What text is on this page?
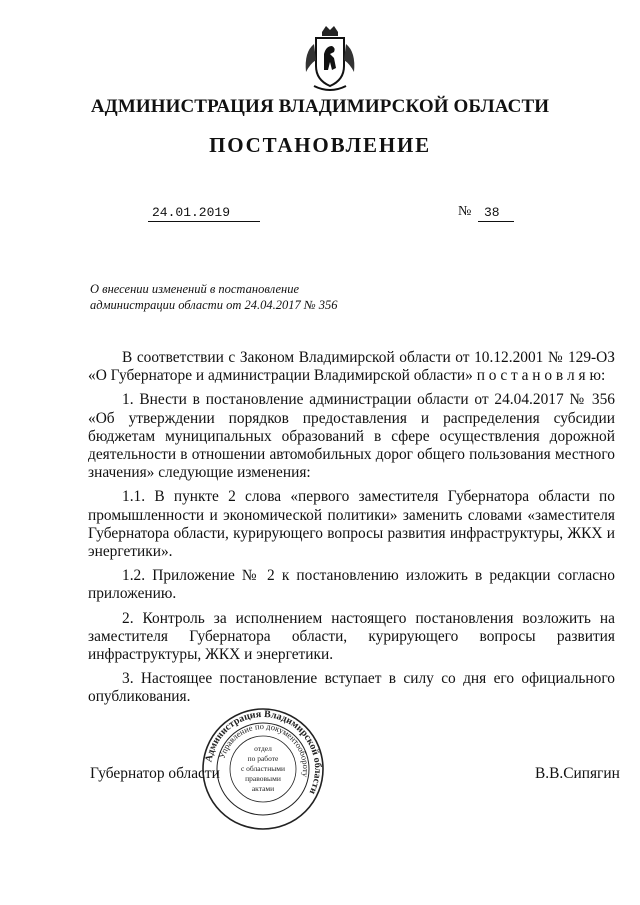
АДМИНИСТРАЦИЯ ВЛАДИМИРСКОЙ ОБЛАСТИ
ПОСТАНОВЛЕНИЕ
24.01.2019	№ 38
О внесении изменений в постановление
администрации области от 24.04.2017 № 356

В соответствии с Законом Владимирской области от 10.12.2001 № 129-ОЗ «О Губернаторе и администрации Владимирской области» п о с т а н о в л я ю:

1. Внести в постановление администрации области от 24.04.2017 № 356 «Об утверждении порядков предоставления и распределения субсидии бюджетам муниципальных образований в сфере осуществления дорожной деятельности в отношении автомобильных дорог общего пользования местного значения» следующие изменения:

1.1. В пункте 2 слова «первого заместителя Губернатора области по промышленности и экономической политики» заменить словами «заместителя Губернатора области, курирующего вопросы развития инфраструктуры, ЖКХ и энергетики».

1.2. Приложение № 2 к постановлению изложить в редакции согласно приложению.

2. Контроль за исполнением настоящего постановления возложить на заместителя Губернатора области, курирующего вопросы развития инфраструктуры, ЖКХ и энергетики.

3. Настоящее постановление вступает в силу со дня его официального опубликования.

Администрация Владимирской области
Управление по документообороту
отдел
по работе
с областными
правовыми
актами
Губернатор области	В.В.Сипягин
